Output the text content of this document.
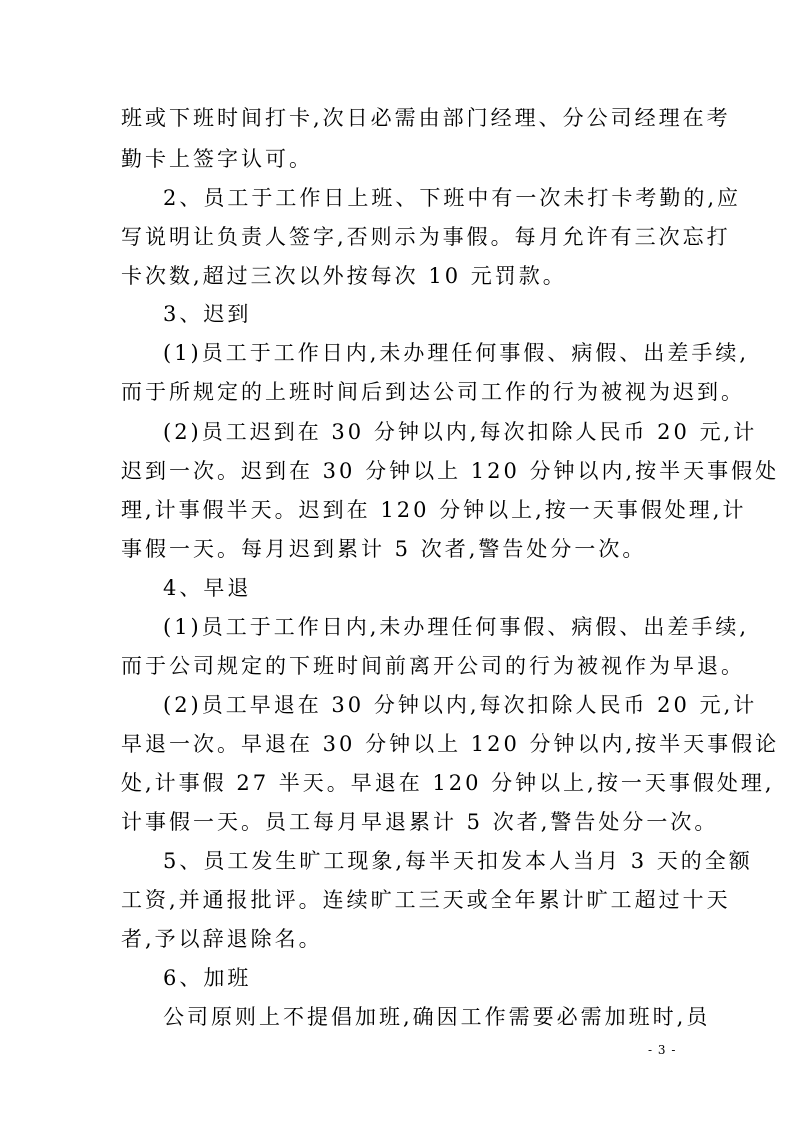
班或下班时间打卡,次日必需由部门经理、分公司经理在考
勤卡上签字认可。
2、员工于工作日上班、下班中有一次未打卡考勤的,应
写说明让负责人签字,否则示为事假。每月允许有三次忘打
卡次数,超过三次以外按每次 10 元罚款。
3、迟到
(1)员工于工作日内,未办理任何事假、病假、出差手续,
而于所规定的上班时间后到达公司工作的行为被视为迟到。
(2)员工迟到在 30 分钟以内,每次扣除人民币 20 元,计
迟到一次。迟到在 30 分钟以上 120 分钟以内,按半天事假处
理,计事假半天。迟到在 120 分钟以上,按一天事假处理,计
事假一天。每月迟到累计 5 次者,警告处分一次。
4、早退
(1)员工于工作日内,未办理任何事假、病假、出差手续,
而于公司规定的下班时间前离开公司的行为被视作为早退。
(2)员工早退在 30 分钟以内,每次扣除人民币 20 元,计
早退一次。早退在 30 分钟以上 120 分钟以内,按半天事假论
处,计事假 27 半天。早退在 120 分钟以上,按一天事假处理,
计事假一天。员工每月早退累计 5 次者,警告处分一次。
5、员工发生旷工现象,每半天扣发本人当月 3 天的全额
工资,并通报批评。连续旷工三天或全年累计旷工超过十天
者,予以辞退除名。
6、加班
公司原则上不提倡加班,确因工作需要必需加班时,员
- 3 -
